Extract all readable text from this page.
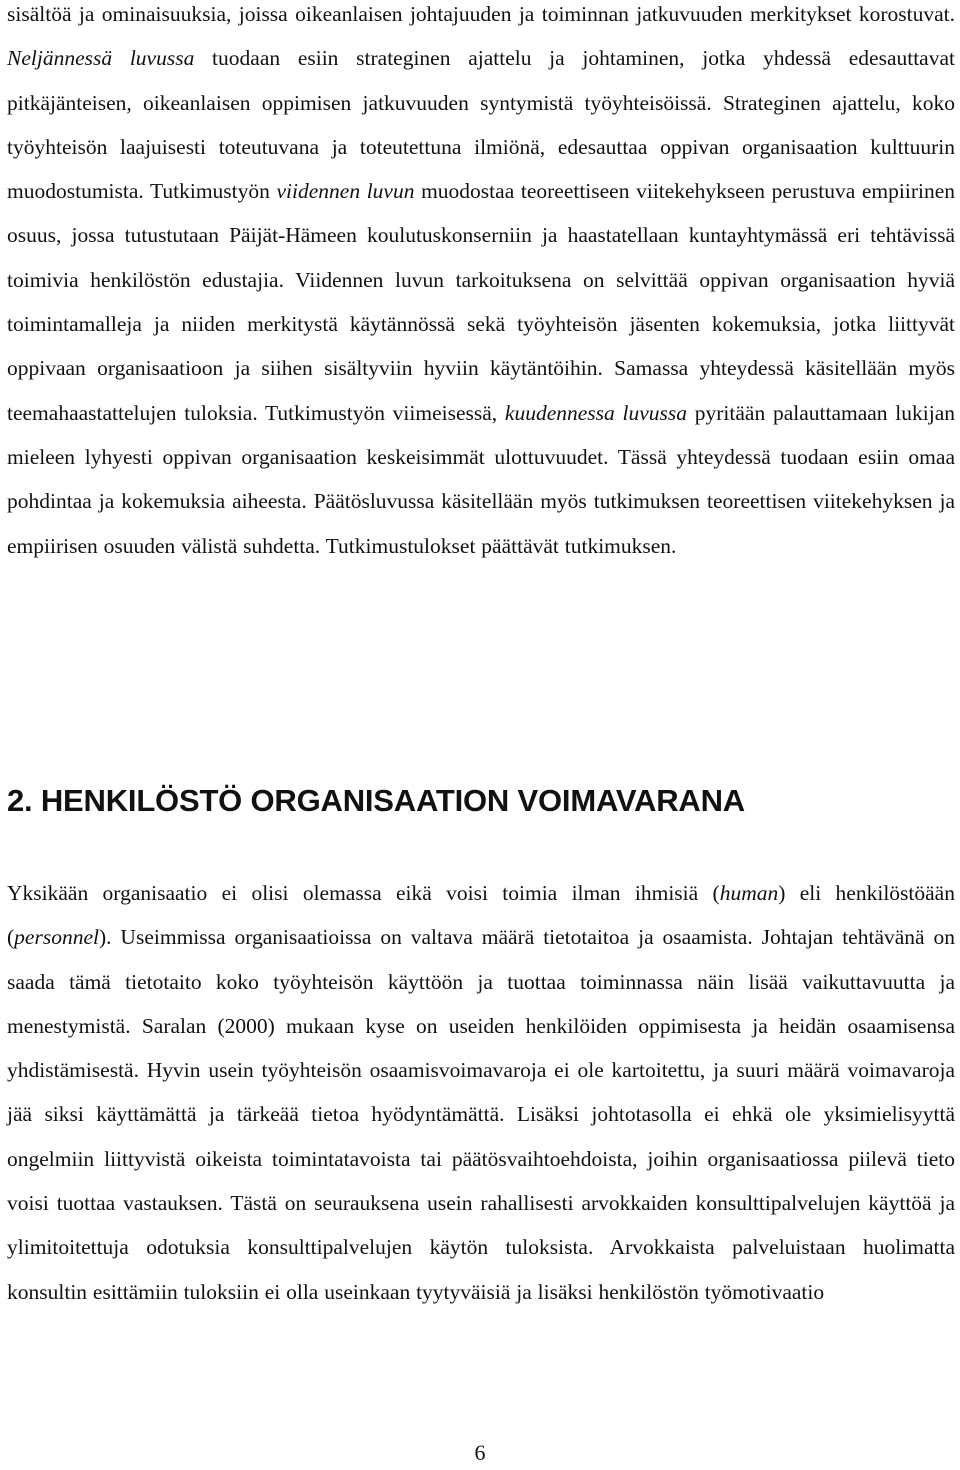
sisältöä ja ominaisuuksia, joissa oikeanlaisen johtajuuden ja toiminnan jatkuvuuden merkitykset korostuvat. Neljännessä luvussa tuodaan esiin strateginen ajattelu ja johtaminen, jotka yhdessä edesauttavat pitkäjänteisen, oikeanlaisen oppimisen jatkuvuuden syntymistä työyhteisöissä. Strateginen ajattelu, koko työyhteisön laajuisesti toteutuvana ja toteutettuna ilmiönä, edesauttaa oppivan organisaation kulttuurin muodostumista. Tutkimustyön viidennen luvun muodostaa teoreettiseen viitekehykseen perustuva empiirinen osuus, jossa tutustutaan Päijät-Hämeen koulutuskonserniin ja haastatellaan kuntayhtymässä eri tehtävissä toimivia henkilöstön edustajia. Viidennen luvun tarkoituksena on selvittää oppivan organisaation hyviä toimintamalleja ja niiden merkitystä käytännössä sekä työyhteisön jäsenten kokemuksia, jotka liittyvät oppivaan organisaatioon ja siihen sisältyviin hyviin käytäntöihin. Samassa yhteydessä käsitellään myös teemahaastattelujen tuloksia. Tutkimustyön viimeisessä, kuudennessa luvussa pyritään palauttamaan lukijan mieleen lyhyesti oppivan organisaation keskeisimmät ulottuvuudet. Tässä yhteydessä tuodaan esiin omaa pohdintaa ja kokemuksia aiheesta. Päätösluvussa käsitellään myös tutkimuksen teoreettisen viitekehyksen ja empiirisen osuuden välistä suhdetta. Tutkimustulokset päättävät tutkimuksen.

2. HENKILÖSTÖ ORGANISAATION VOIMAVARANA

Yksikään organisaatio ei olisi olemassa eikä voisi toimia ilman ihmisiä (human) eli henkilöstöään (personnel). Useimmissa organisaatioissa on valtava määrä tietotaitoa ja osaamista. Johtajan tehtävänä on saada tämä tietotaito koko työyhteisön käyttöön ja tuottaa toiminnassa näin lisää vaikuttavuutta ja menestymistä. Saralan (2000) mukaan kyse on useiden henkilöiden oppimisesta ja heidän osaamisensa yhdistämisestä. Hyvin usein työyhteisön osaamisvoimavaroja ei ole kartoitettu, ja suuri määrä voimavaroja jää siksi käyttämättä ja tärkeää tietoa hyödyntämättä. Lisäksi johtotasolla ei ehkä ole yksimielisyyttä ongelmiin liittyvistä oikeista toimintatavoista tai päätösvaihtoehdoista, joihin organisaatiossa piilevä tieto voisi tuottaa vastauksen. Tästä on seurauksena usein rahallisesti arvokkaiden konsulttipalvelujen käyttöä ja ylimitoitettuja odotuksia konsulttipalvelujen käytön tuloksista. Arvokkaista palveluistaan huolimatta konsultin esittämiin tuloksiin ei olla useinkaan tyytyväisiä ja lisäksi henkilöstön työmotivaatio

6
